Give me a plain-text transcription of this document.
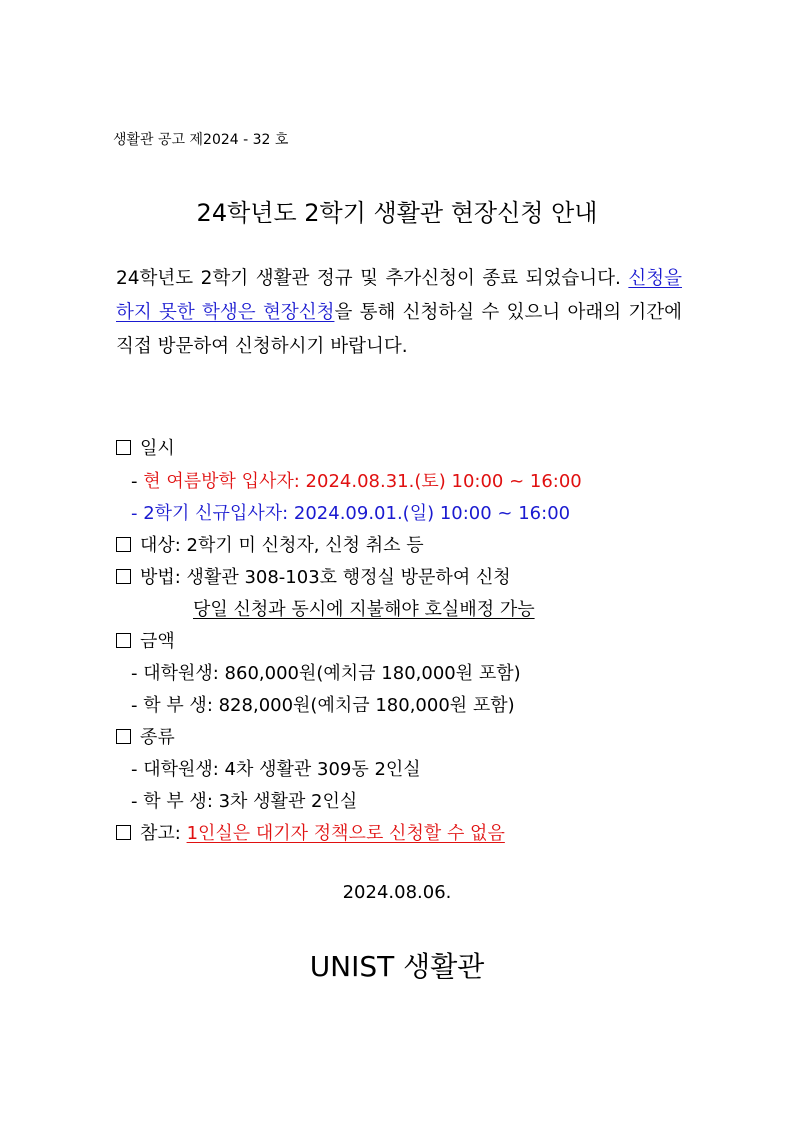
생활관 공고 제2024 - 32 호
24학년도 2학기 생활관 현장신청 안내

24학년도 2학기 생활관 정규 및 추가신청이 종료 되었습니다. 신청을 하지 못한 학생은 현장신청을 통해 신청하실 수 있으니 아래의 기간에 직접 방문하여 신청하시기 바랍니다.

일시
- 현 여름방학 입사자: 2024.08.31.(토) 10:00 ~ 16:00
- 2학기 신규입사자: 2024.09.01.(일) 10:00 ~ 16:00
대상: 2학기 미 신청자, 신청 취소 등
방법: 생활관 308-103호 행정실 방문하여 신청
당일 신청과 동시에 지불해야 호실배정 가능
금액
- 대학원생: 860,000원(예치금 180,000원 포함)
- 학 부 생: 828,000원(예치금 180,000원 포함)
종류
- 대학원생: 4차 생활관 309동 2인실
- 학 부 생: 3차 생활관 2인실
참고: 1인실은 대기자 정책으로 신청할 수 없음
2024.08.06.
UNIST 생활관
